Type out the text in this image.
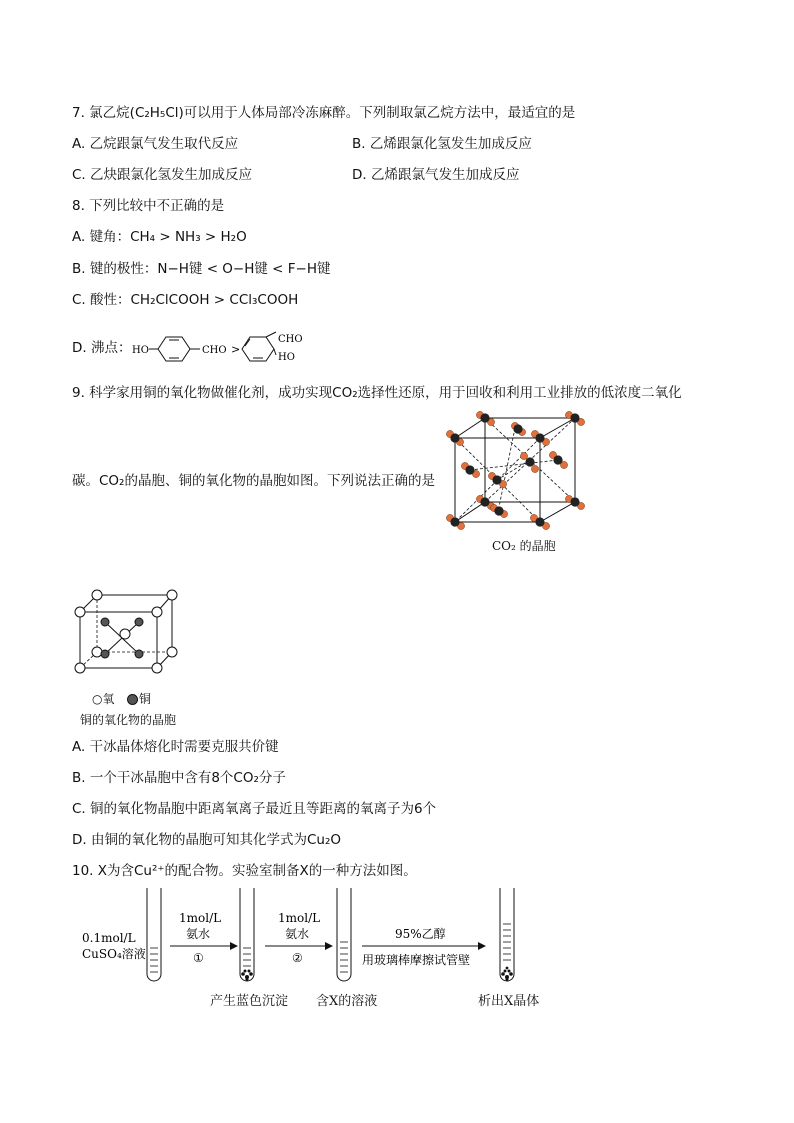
7. 氯乙烷(C₂H₅Cl)可以用于人体局部冷冻麻醉。下列制取氯乙烷方法中，最适宜的是
A. 乙烷跟氯气发生取代反应	B. 乙烯跟氯化氢发生加成反应
C. 乙炔跟氯化氢发生加成反应	D. 乙烯跟氯气发生加成反应
8. 下列比较中不正确的是
A. 键角：CH₄ > NH₃ > H₂O
B. 键的极性：N−H键 < O−H键 < F−H键
C. 酸性：CH₂ClCOOH > CCl₃COOH
D. 沸点： HO	CHO >
CHO
HO
9. 科学家用铜的氧化物做催化剂，成功实现CO₂选择性还原，用于回收和利用工业排放的低浓度二氧化
碳。CO₂的晶胞、铜的氧化物的晶胞如图。下列说法正确的是
CO₂ 的晶胞
○氧 铜
铜的氧化物的晶胞
A. 干冰晶体熔化时需要克服共价键
B. 一个干冰晶胞中含有8个CO₂分子
C. 铜的氧化物晶胞中距离氧离子最近且等距离的氧离子为6个
D. 由铜的氧化物的晶胞可知其化学式为Cu₂O
10. X为含Cu²⁺的配合物。实验室制备X的一种方法如图。
0.1mol/L
CuSO₄溶液
1mol/L
氨水
①
1mol/L
氨水
②
95%乙醇
用玻璃棒摩擦试管壁
产生蓝色沉淀 含X的溶液	析出X晶体
